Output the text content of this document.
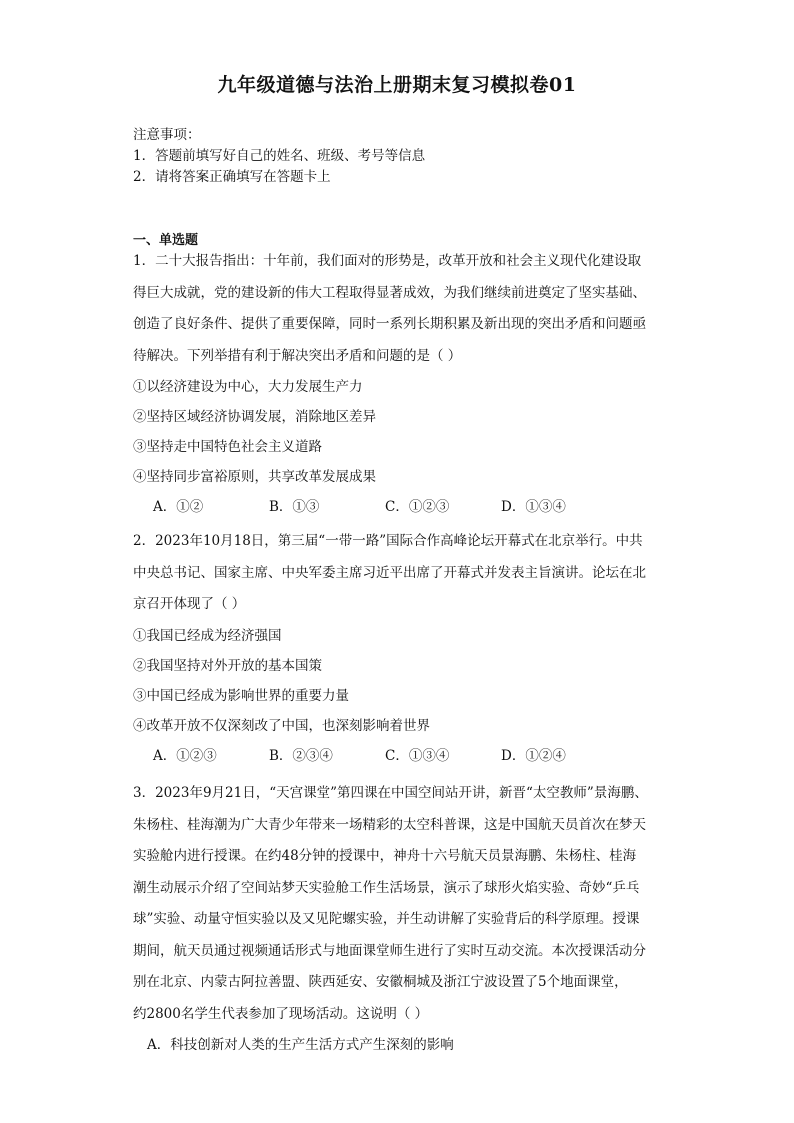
九年级道德与法治上册期末复习模拟卷01
注意事项：
1．答题前填写好自己的姓名、班级、考号等信息
2．请将答案正确填写在答题卡上
一、单选题
1．二十大报告指出：十年前，我们面对的形势是，改革开放和社会主义现代化建设取
得巨大成就，党的建设新的伟大工程取得显著成效，为我们继续前进奠定了坚实基础、
创造了良好条件、提供了重要保障，同时一系列长期积累及新出现的突出矛盾和问题亟
待解决。下列举措有利于解决突出矛盾和问题的是（ ）
①以经济建设为中心，大力发展生产力
②坚持区域经济协调发展，消除地区差异
③坚持走中国特色社会主义道路
④坚持同步富裕原则，共享改革发展成果
A．①②	B．①③	C．①②③	D．①③④
2．2023年10月18日，第三届“一带一路”国际合作高峰论坛开幕式在北京举行。中共
中央总书记、国家主席、中央军委主席习近平出席了开幕式并发表主旨演讲。论坛在北
京召开体现了（ ）
①我国已经成为经济强国
②我国坚持对外开放的基本国策
③中国已经成为影响世界的重要力量
④改革开放不仅深刻改了中国，也深刻影响着世界
A．①②③	B．②③④	C．①③④	D．①②④
3．2023年9月21日，“天宫课堂”第四课在中国空间站开讲，新晋“太空教师”景海鹏、
朱杨柱、桂海潮为广大青少年带来一场精彩的太空科普课，这是中国航天员首次在梦天
实验舱内进行授课。在约48分钟的授课中，神舟十六号航天员景海鹏、朱杨柱、桂海
潮生动展示介绍了空间站梦天实验舱工作生活场景，演示了球形火焰实验、奇妙“乒乓
球”实验、动量守恒实验以及又见陀螺实验，并生动讲解了实验背后的科学原理。授课
期间，航天员通过视频通话形式与地面课堂师生进行了实时互动交流。本次授课活动分
别在北京、内蒙古阿拉善盟、陕西延安、安徽桐城及浙江宁波设置了5个地面课堂，
约2800名学生代表参加了现场活动。这说明（ ）
A．科技创新对人类的生产生活方式产生深刻的影响
